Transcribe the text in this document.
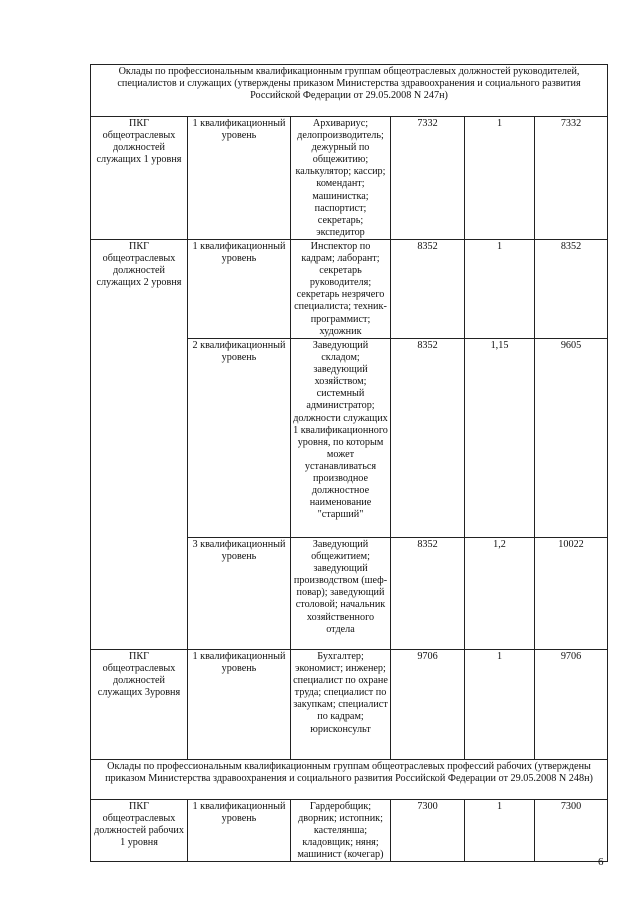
Оклады по профессиональным квалификационным группам общеотраслевых должностей руководителей, специалистов и служащих (утверждены приказом Министерства здравоохранения и социального развития Российской Федерации от 29.05.2008 N 247н)					
ПКГ общеотраслевых должностей служащих 1 уровня	1 квалификационный уровень	Архивариус; делопроизводитель; дежурный по общежитию; калькулятор; кассир; комендант; машинистка; паспортист; секретарь; экспедитор	7332	1	7332
ПКГ общеотраслевых должностей служащих 2 уровня	1 квалификационный уровень	Инспектор по кадрам; лаборант; секретарь руководителя; секретарь незрячего специалиста; техник-программист; художник	8352	1	8352
	2 квалификационный уровень	Заведующий складом; заведующий хозяйством; системный администратор; должности служащих 1 квалификационного уровня, по которым может устанавливаться производное должностное наименование "старший"	8352	1,15	9605
	3 квалификационный уровень	Заведующий общежитием; заведующий производством (шеф-повар); заведующий столовой; начальник хозяйственного отдела	8352	1,2	10022
ПКГ общеотраслевых должностей служащих 3уровня	1 квалификационный уровень	Бухгалтер; экономист; инженер; специалист по охране труда; специалист по закупкам; специалист по кадрам; юрисконсульт	9706	1	9706
Оклады по профессиональным квалификационным группам общеотраслевых профессий рабочих (утверждены приказом Министерства здравоохранения и социального развития Российской Федерации от 29.05.2008 N 248н)					
ПКГ общеотраслевых должностей рабочих 1 уровня	1 квалификационный уровень	Гардеробщик; дворник; истопник; кастелянша; кладовщик; няня; машинист (кочегар)	7300	1	7300
6
